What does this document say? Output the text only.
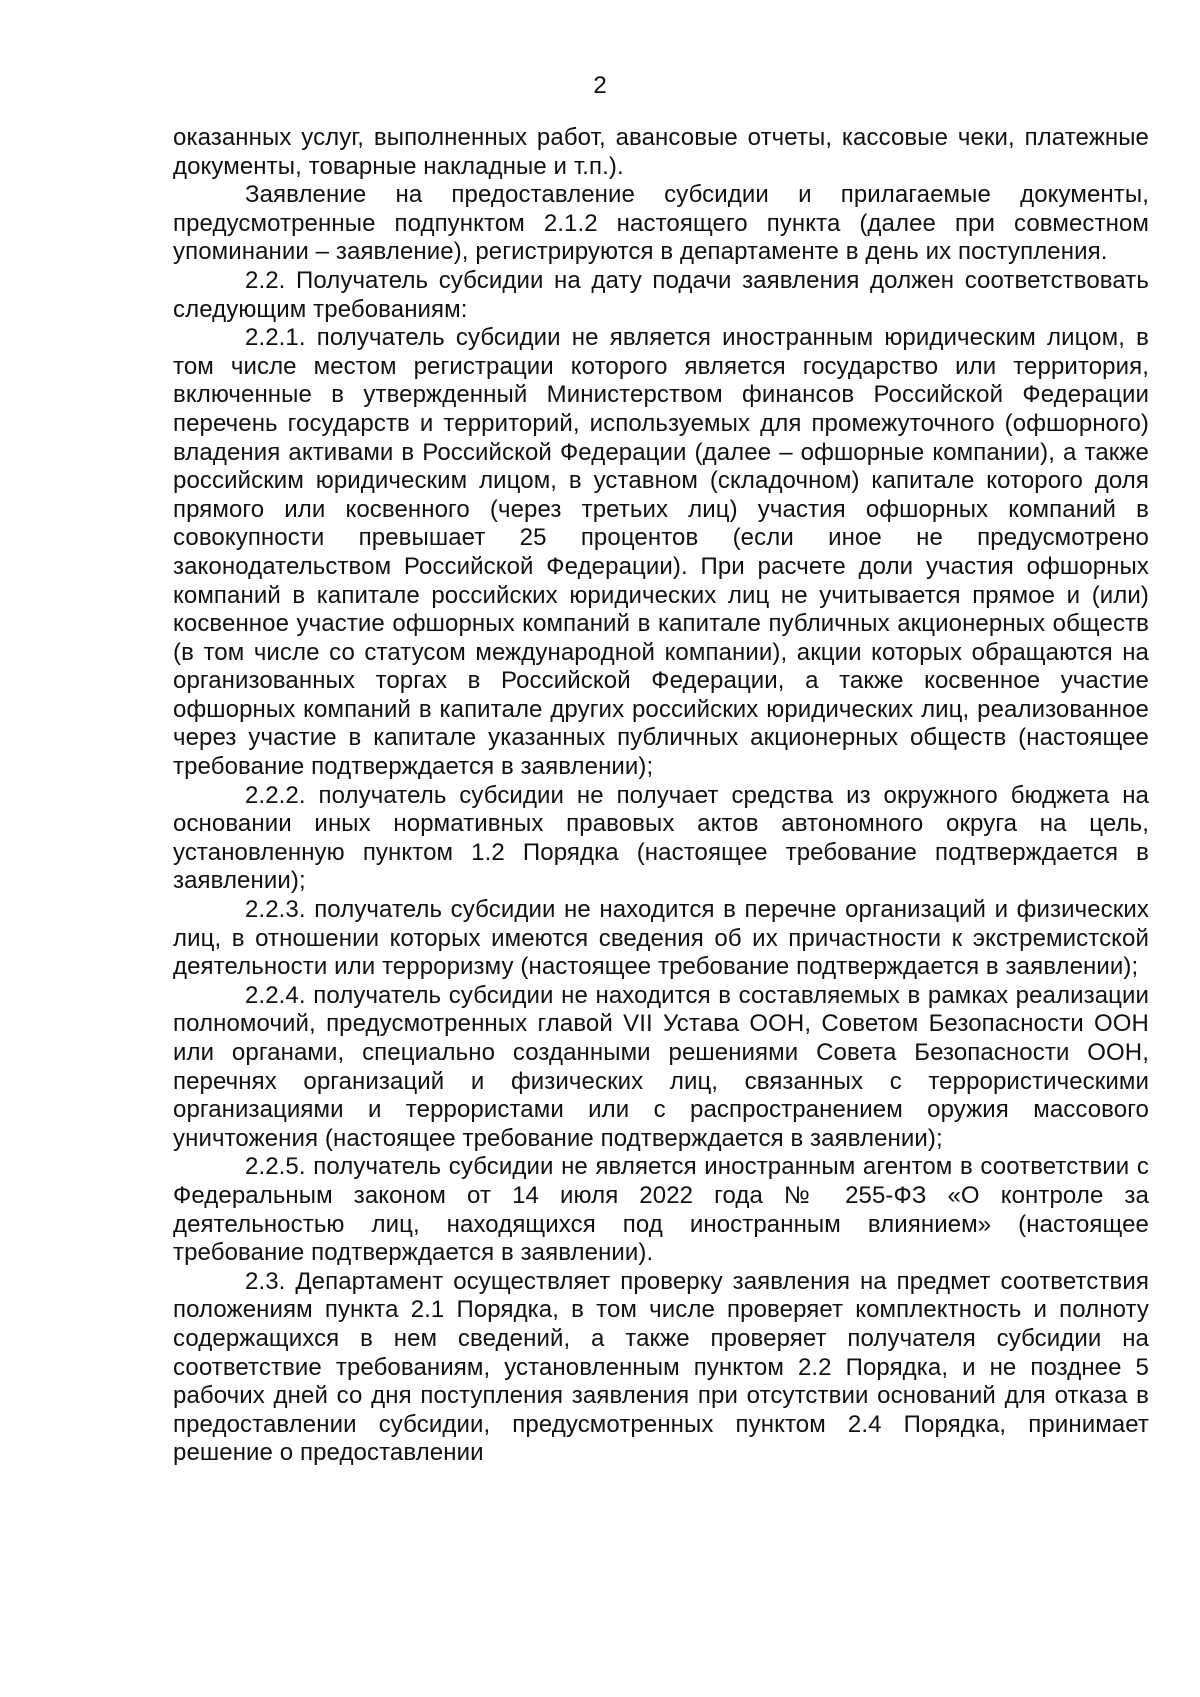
2

оказанных услуг, выполненных работ, авансовые отчеты, кассовые чеки, платежные документы, товарные накладные и т.п.).

Заявление на предоставление субсидии и прилагаемые документы, предусмотренные подпунктом 2.1.2 настоящего пункта (далее при совместном упоминании – заявление), регистрируются в департаменте в день их поступления.

2.2. Получатель субсидии на дату подачи заявления должен соответствовать следующим требованиям:

2.2.1. получатель субсидии не является иностранным юридическим лицом, в том числе местом регистрации которого является государство или территория, включенные в утвержденный Министерством финансов Российской Федерации перечень государств и территорий, используемых для промежуточного (офшорного) владения активами в Российской Федерации (далее – офшорные компании), а также российским юридическим лицом, в уставном (складочном) капитале которого доля прямого или косвенного (через третьих лиц) участия офшорных компаний в совокупности превышает 25 процентов (если иное не предусмотрено законодательством Российской Федерации). При расчете доли участия офшорных компаний в капитале российских юридических лиц не учитывается прямое и (или) косвенное участие офшорных компаний в капитале публичных акционерных обществ (в том числе со статусом международной компании), акции которых обращаются на организованных торгах в Российской Федерации, а также косвенное участие офшорных компаний в капитале других российских юридических лиц, реализованное через участие в капитале указанных публичных акционерных обществ (настоящее требование подтверждается в заявлении);

2.2.2. получатель субсидии не получает средства из окружного бюджета на основании иных нормативных правовых актов автономного округа на цель, установленную пунктом 1.2 Порядка (настоящее требование подтверждается в заявлении);

2.2.3. получатель субсидии не находится в перечне организаций и физических лиц, в отношении которых имеются сведения об их причастности к экстремистской деятельности или терроризму (настоящее требование подтверждается в заявлении);

2.2.4. получатель субсидии не находится в составляемых в рамках реализации полномочий, предусмотренных главой VII Устава ООН, Советом Безопасности ООН или органами, специально созданными решениями Совета Безопасности ООН, перечнях организаций и физических лиц, связанных с террористическими организациями и террористами или с распространением оружия массового уничтожения (настоящее требование подтверждается в заявлении);

2.2.5. получатель субсидии не является иностранным агентом в соответствии с Федеральным законом от 14 июля 2022 года № 255-ФЗ «О контроле за деятельностью лиц, находящихся под иностранным влиянием» (настоящее требование подтверждается в заявлении).

2.3. Департамент осуществляет проверку заявления на предмет соответствия положениям пункта 2.1 Порядка, в том числе проверяет комплектность и полноту содержащихся в нем сведений, а также проверяет получателя субсидии на соответствие требованиям, установленным пунктом 2.2 Порядка, и не позднее 5 рабочих дней со дня поступления заявления при отсутствии оснований для отказа в предоставлении субсидии, предусмотренных пунктом 2.4 Порядка, принимает решение о предоставлении
